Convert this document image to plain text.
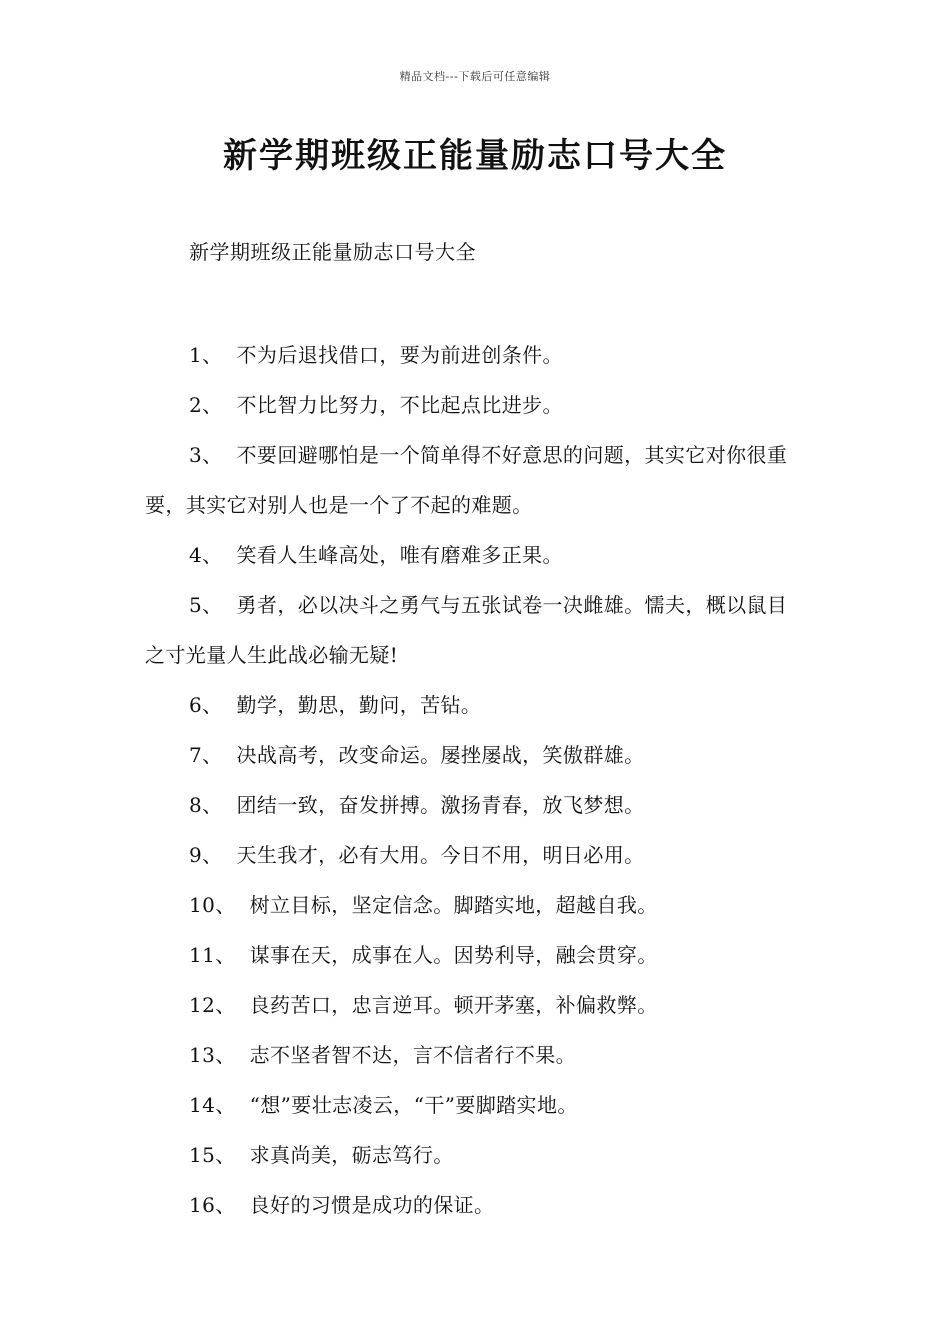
精品文档---下载后可任意编辑
新学期班级正能量励志口号大全
新学期班级正能量励志口号大全
1、 不为后退找借口，要为前进创条件。
2、 不比智力比努力，不比起点比进步。
3、 不要回避哪怕是一个简单得不好意思的问题，其实它对你很重要，其实它对别人也是一个了不起的难题。
4、 笑看人生峰高处，唯有磨难多正果。
5、 勇者，必以决斗之勇气与五张试卷一决雌雄。懦夫，概以鼠目之寸光量人生此战必输无疑!
6、 勤学，勤思，勤问，苦钻。
7、 决战高考，改变命运。屡挫屡战，笑傲群雄。
8、 团结一致，奋发拼搏。激扬青春，放飞梦想。
9、 天生我才，必有大用。今日不用，明日必用。
10、 树立目标，坚定信念。脚踏实地，超越自我。
11、 谋事在天，成事在人。因势利导，融会贯穿。
12、 良药苦口，忠言逆耳。顿开茅塞，补偏救弊。
13、 志不坚者智不达，言不信者行不果。
14、 “想”要壮志凌云，“干”要脚踏实地。
15、 求真尚美，砺志笃行。
16、 良好的习惯是成功的保证。
